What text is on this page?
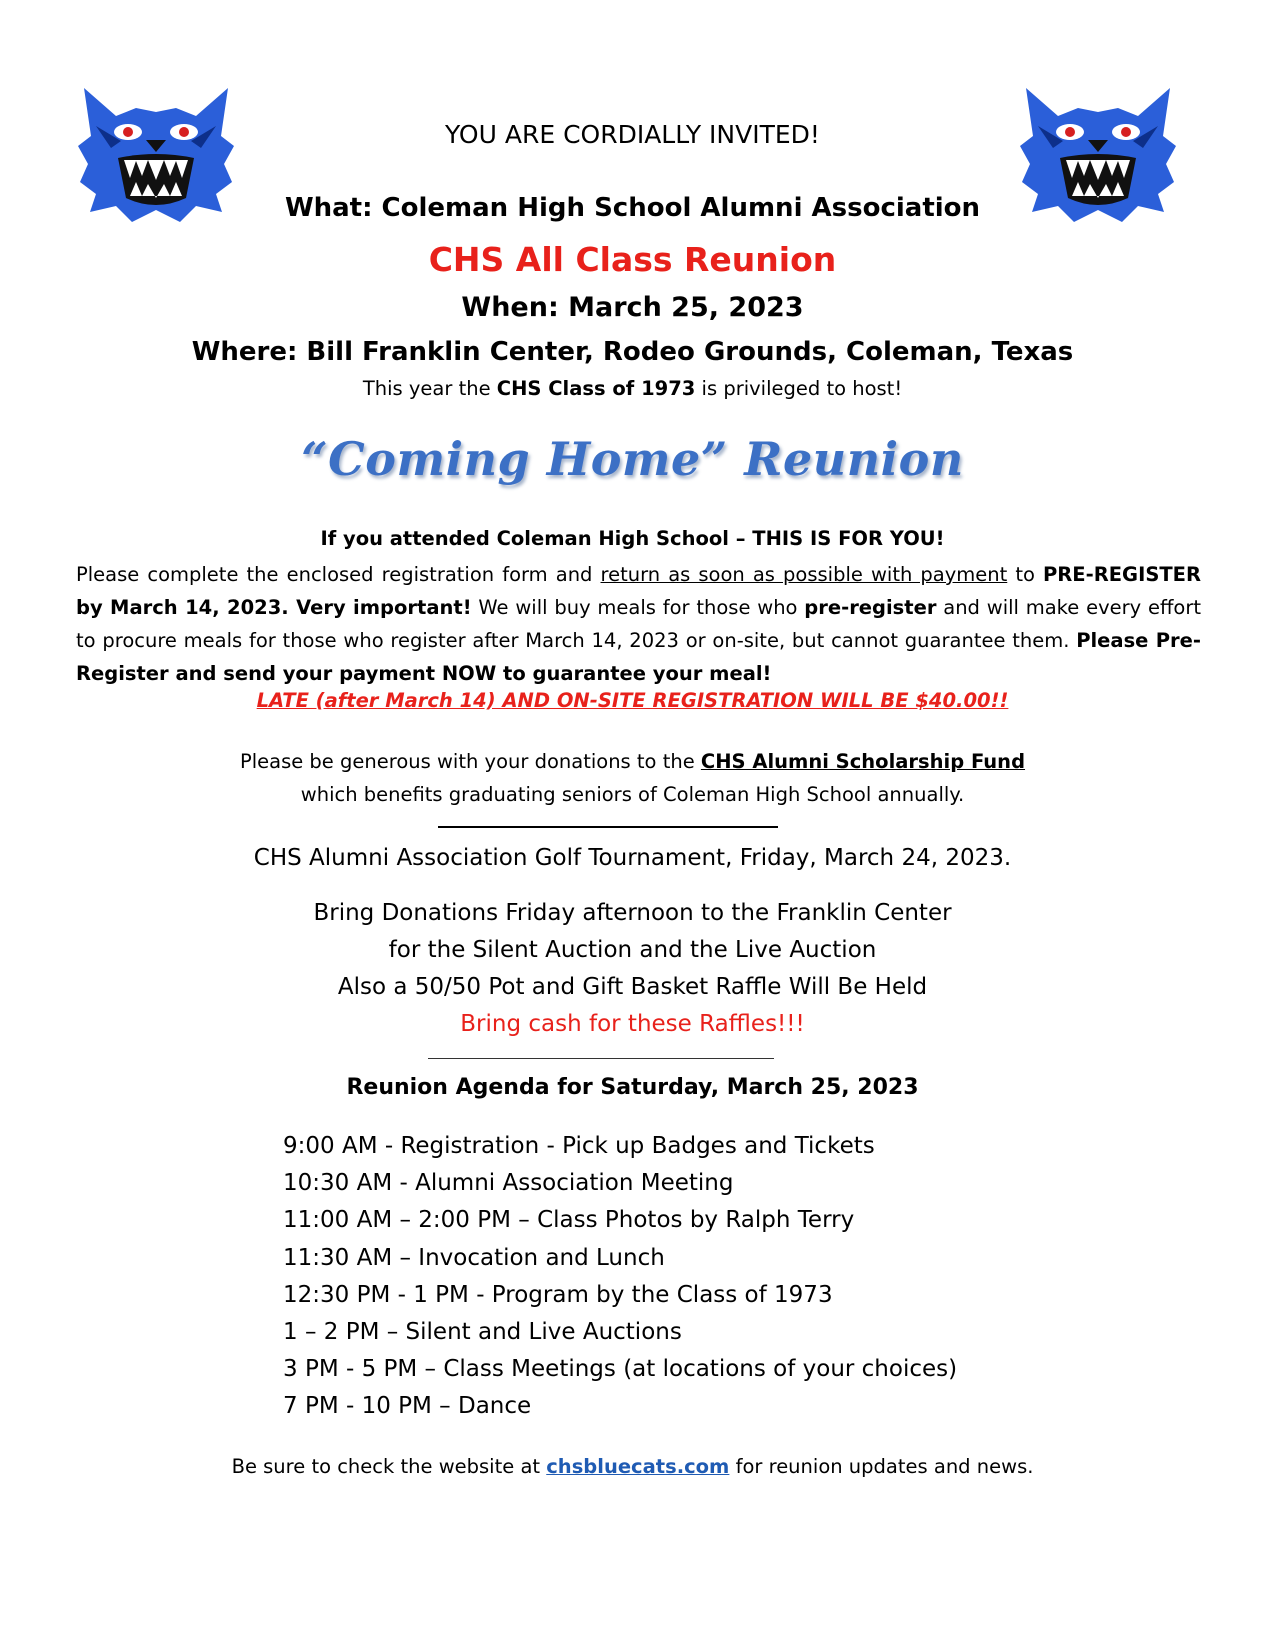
YOU ARE CORDIALLY INVITED!
What: Coleman High School Alumni Association
CHS All Class Reunion
When: March 25, 2023
Where: Bill Franklin Center, Rodeo Grounds, Coleman, Texas
This year the CHS Class of 1973 is privileged to host!
“Coming Home” Reunion
If you attended Coleman High School – THIS IS FOR YOU!
Please complete the enclosed registration form and return as soon as possible with payment to PRE-REGISTER by March 14, 2023. Very important! We will buy meals for those who pre-register and will make every effort to procure meals for those who register after March 14, 2023 or on-site, but cannot guarantee them. Please Pre-Register and send your payment NOW to guarantee your meal!
LATE (after March 14) AND ON-SITE REGISTRATION WILL BE $40.00!!
Please be generous with your donations to the CHS Alumni Scholarship Fund
which benefits graduating seniors of Coleman High School annually.
CHS Alumni Association Golf Tournament, Friday, March 24, 2023.
Bring Donations Friday afternoon to the Franklin Center
for the Silent Auction and the Live Auction
Also a 50/50 Pot and Gift Basket Raffle Will Be Held
Bring cash for these Raffles!!!
Reunion Agenda for Saturday, March 25, 2023
9:00 AM - Registration - Pick up Badges and Tickets
10:30 AM - Alumni Association Meeting
11:00 AM – 2:00 PM – Class Photos by Ralph Terry
11:30 AM – Invocation and Lunch
12:30 PM - 1 PM - Program by the Class of 1973
1 – 2 PM – Silent and Live Auctions
3 PM - 5 PM – Class Meetings (at locations of your choices)
7 PM - 10 PM – Dance
Be sure to check the website at chsbluecats.com for reunion updates and news.
